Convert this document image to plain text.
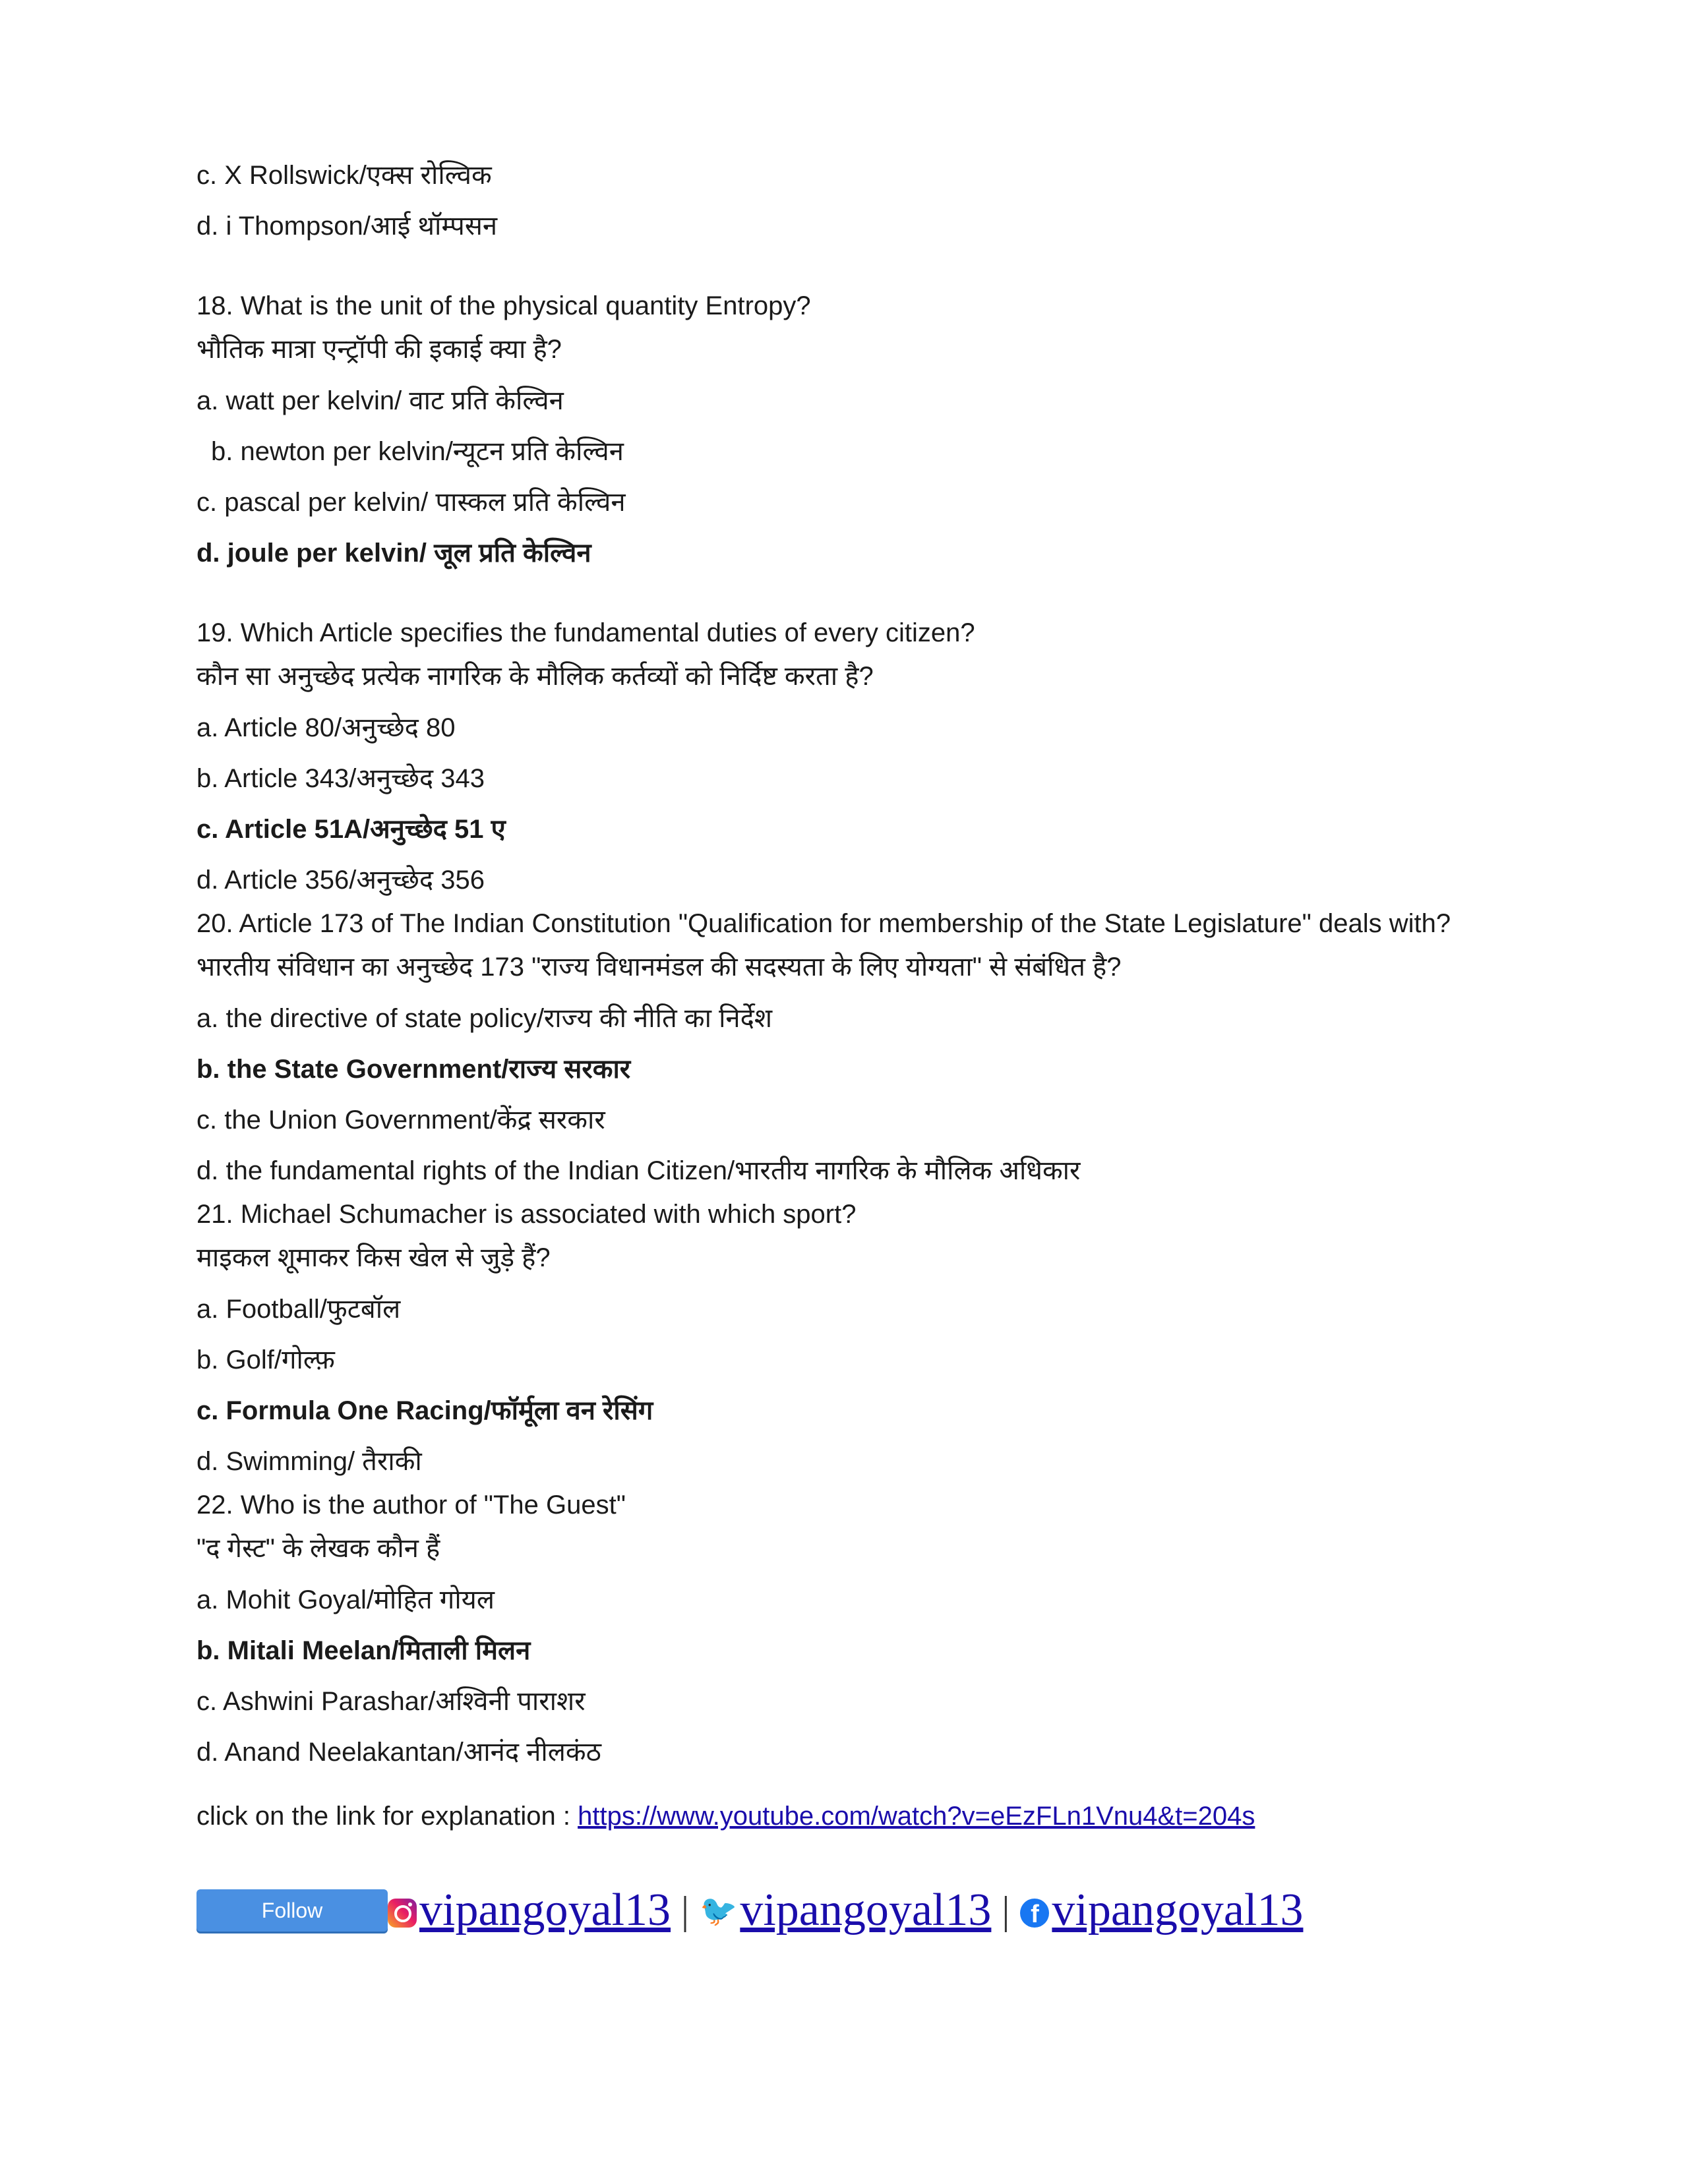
c. X Rollswick/एक्स रोल्विक
d. i Thompson/आई थॉम्पसन
18. What is the unit of the physical quantity Entropy?
भौतिक मात्रा एन्ट्रॉपी की इकाई क्या है?
a. watt per kelvin/ वाट प्रति केल्विन
b. newton per kelvin/न्यूटन प्रति केल्विन
c. pascal per kelvin/ पास्कल प्रति केल्विन
d. joule per kelvin/ जूल प्रति केल्विन
19. Which Article specifies the fundamental duties of every citizen?
कौन सा अनुच्छेद प्रत्येक नागरिक के मौलिक कर्तव्यों को निर्दिष्ट करता है?
a. Article 80/अनुच्छेद 80
b. Article 343/अनुच्छेद 343
c. Article 51A/अनुच्छेद 51 ए
d. Article 356/अनुच्छेद 356
20. Article 173 of The Indian Constitution "Qualification for membership of the State Legislature" deals with?
भारतीय संविधान का अनुच्छेद 173 "राज्य विधानमंडल की सदस्यता के लिए योग्यता" से संबंधित है?
a. the directive of state policy/राज्य की नीति का निर्देश
b. the State Government/राज्य सरकार
c. the Union Government/केंद्र सरकार
d. the fundamental rights of the Indian Citizen/भारतीय नागरिक के मौलिक अधिकार
21. Michael Schumacher is associated with which sport?
माइकल शूमाकर किस खेल से जुड़े हैं?
a. Football/फुटबॉल
b. Golf/गोल्फ़
c. Formula One Racing/फॉर्मूला वन रेसिंग
d. Swimming/ तैराकी
22. Who is the author of "The Guest"
"द गेस्ट" के लेखक कौन हैं
a. Mohit Goyal/मोहित गोयल
b. Mitali Meelan/मिताली मिलन
c. Ashwini Parashar/अश्विनी पाराशर
d. Anand Neelakantan/आनंद नीलकंठ
click on the link for explanation : https://www.youtube.com/watch?v=eEzFLn1Vnu4&t=204s
Follow	vipangoyal13 | 🐦 vipangoyal13 | f vipangoyal13
